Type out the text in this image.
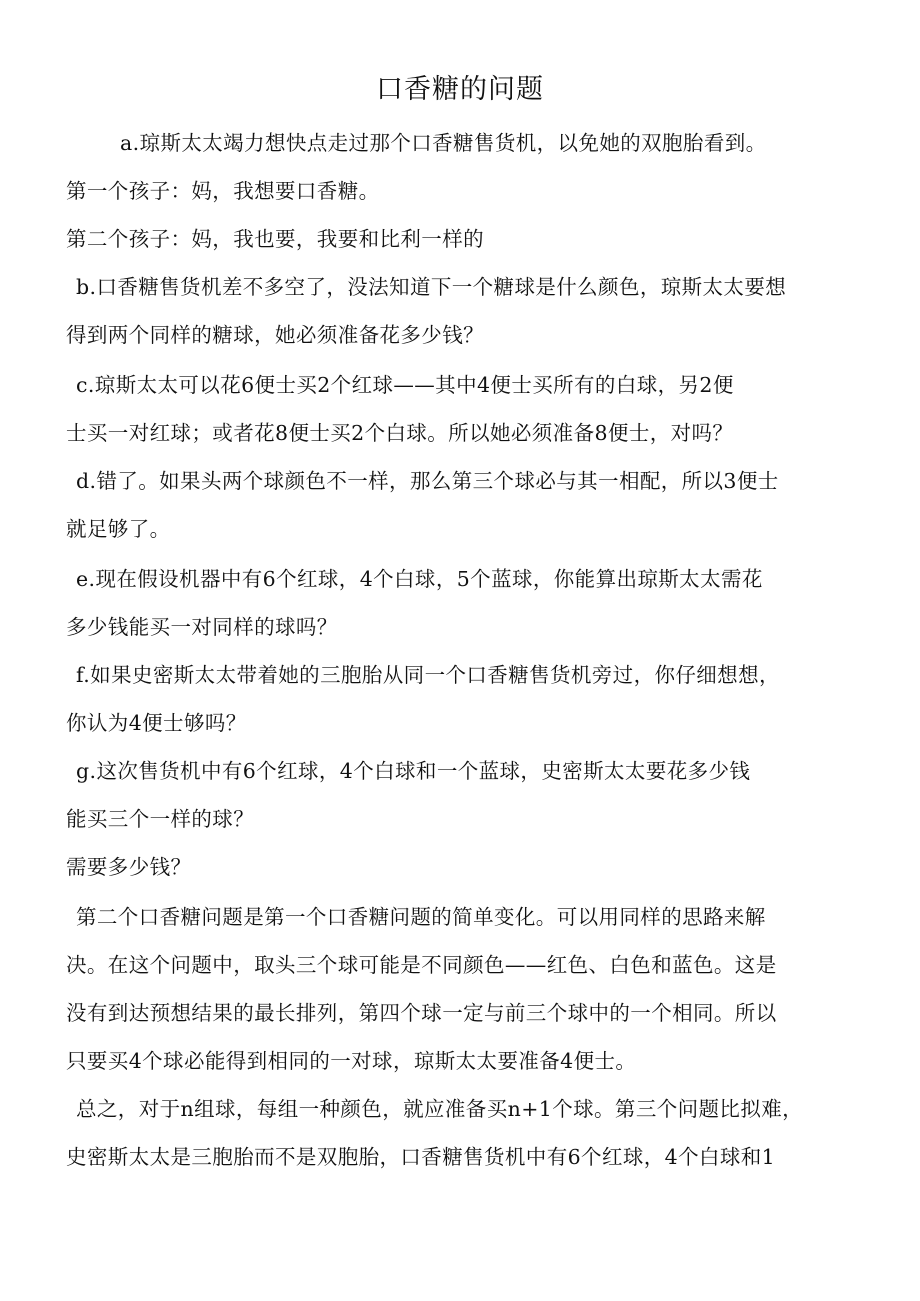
口香糖的问题
a.琼斯太太竭力想快点走过那个口香糖售货机，以免她的双胞胎看到。
第一个孩子：妈，我想要口香糖。
第二个孩子：妈，我也要，我要和比利一样的
b.口香糖售货机差不多空了，没法知道下一个糖球是什么颜色，琼斯太太要想
得到两个同样的糖球，她必须准备花多少钱？
c.琼斯太太可以花6便士买2个红球——其中4便士买所有的白球，另2便
士买一对红球；或者花8便士买2个白球。所以她必须准备8便士，对吗？
d.错了。如果头两个球颜色不一样，那么第三个球必与其一相配，所以3便士
就足够了。
e.现在假设机器中有6个红球，4个白球，5个蓝球，你能算出琼斯太太需花
多少钱能买一对同样的球吗？
f.如果史密斯太太带着她的三胞胎从同一个口香糖售货机旁过，你仔细想想，
你认为4便士够吗？
g.这次售货机中有6个红球，4个白球和一个蓝球，史密斯太太要花多少钱
能买三个一样的球？
需要多少钱？
第二个口香糖问题是第一个口香糖问题的简单变化。可以用同样的思路来解
决。在这个问题中，取头三个球可能是不同颜色——红色、白色和蓝色。这是
没有到达预想结果的最长排列，第四个球一定与前三个球中的一个相同。所以
只要买4个球必能得到相同的一对球，琼斯太太要准备4便士。
总之，对于n组球，每组一种颜色，就应准备买n+1个球。第三个问题比拟难，
史密斯太太是三胞胎而不是双胞胎，口香糖售货机中有6个红球，4个白球和1
